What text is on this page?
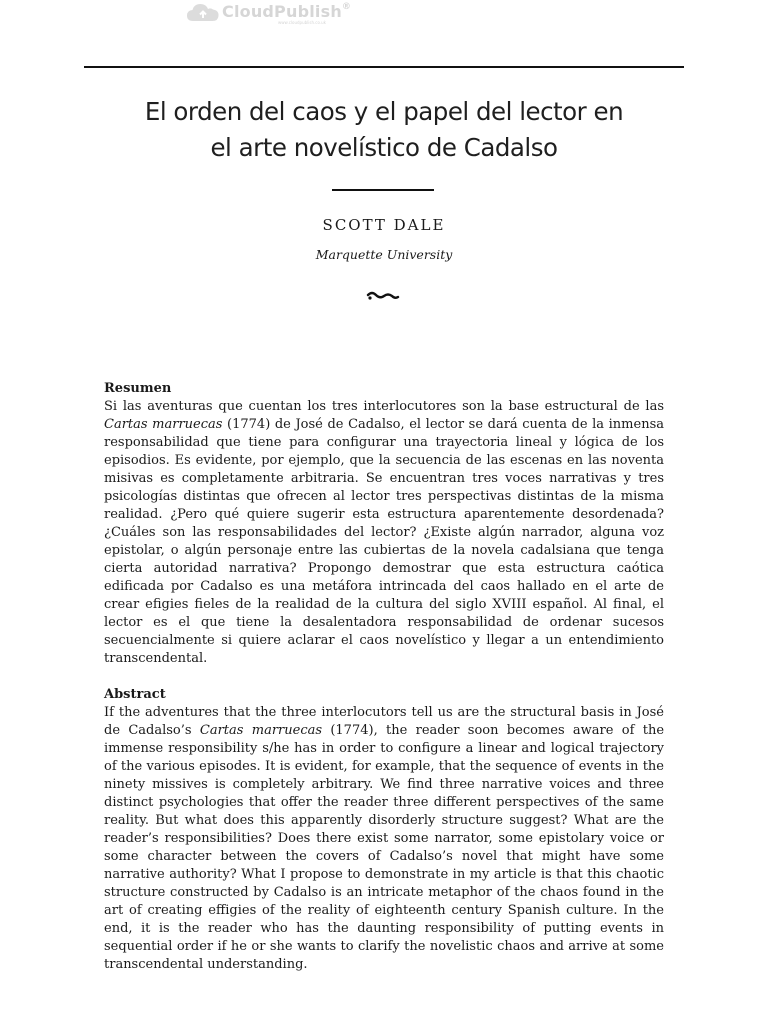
CloudPublish®
www.cloudpublish.co.uk
El orden del caos y el papel del lector en
el arte novelístico de Cadalso
SCOTT DALE
Marquette University
Resumen

Si las aventuras que cuentan los tres interlocutores son la base estructural de las Cartas marruecas (1774) de José de Cadalso, el lector se dará cuenta de la inmensa responsabilidad que tiene para configurar una trayectoria lineal y lógica de los episodios. Es evidente, por ejemplo, que la secuencia de las escenas en las noventa misivas es completamente arbitraria. Se encuentran tres voces narrativas y tres psicologías distintas que ofrecen al lector tres perspectivas distintas de la misma realidad. ¿Pero qué quiere sugerir esta estructura aparentemente desordenada? ¿Cuáles son las responsabilidades del lector? ¿Existe algún narrador, alguna voz epistolar, o algún personaje entre las cubiertas de la novela cadalsiana que tenga cierta autoridad narrativa? Propongo demostrar que esta estructura caótica edificada por Cadalso es una metáfora intrincada del caos hallado en el arte de crear efigies fieles de la realidad de la cultura del siglo XVIII español. Al final, el lector es el que tiene la desalentadora responsabilidad de ordenar sucesos secuencialmente si quiere aclarar el caos novelístico y llegar a un entendimiento transcendental.

Abstract

If the adventures that the three interlocutors tell us are the structural basis in José de Cadalso’s Cartas marruecas (1774), the reader soon becomes aware of the immense responsibility s/he has in order to configure a linear and logical trajectory of the various episodes. It is evident, for example, that the sequence of events in the ninety missives is completely arbitrary. We find three narrative voices and three distinct psychologies that offer the reader three different perspectives of the same reality. But what does this apparently disorderly structure suggest? What are the reader’s responsibilities? Does there exist some narrator, some epistolary voice or some character between the covers of Cadalso’s novel that might have some narrative authority? What I propose to demonstrate in my article is that this chaotic structure constructed by Cadalso is an intricate metaphor of the chaos found in the art of creating effigies of the reality of eighteenth century Spanish culture. In the end, it is the reader who has the daunting responsibility of putting events in sequential order if he or she wants to clarify the novelistic chaos and arrive at some transcendental understanding.
